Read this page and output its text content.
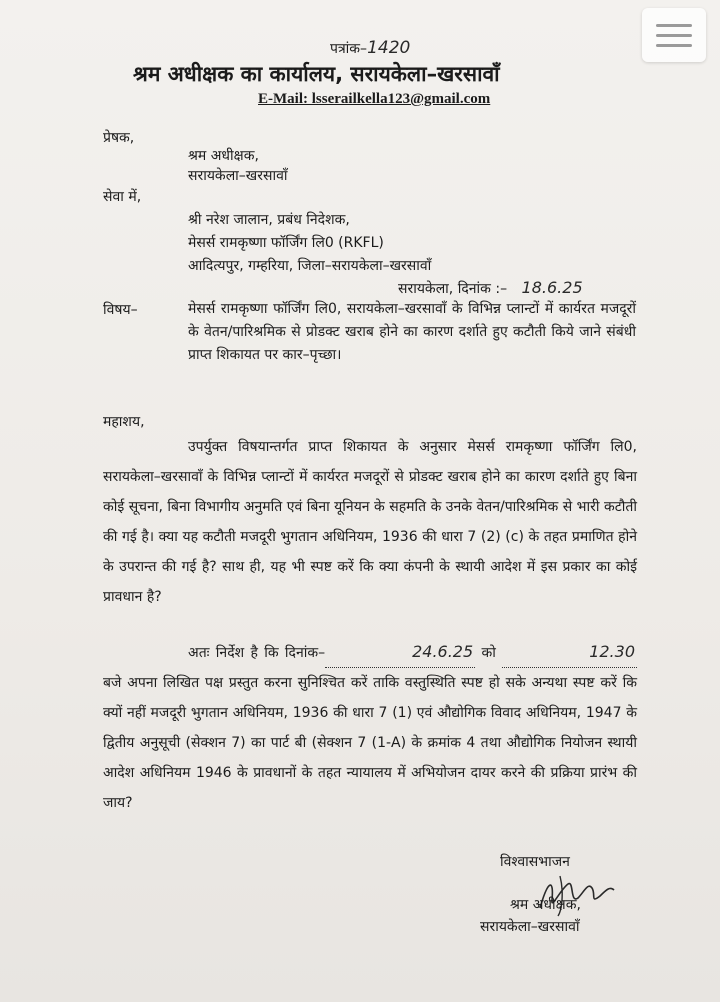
पत्रांक–1420
श्रम अधीक्षक का कार्यालय, सरायकेला–खरसावाँ
E-Mail: lsserailkella123@gmail.com
प्रेषक,
श्रम अधीक्षक,
सरायकेला–खरसावाँ
सेवा में,
श्री नरेश जालान, प्रबंध निदेशक,
मेसर्स रामकृष्णा फॉर्जिंग लि0 (RKFL)
आदित्यपुर, गम्हरिया, जिला–सरायकेला–खरसावाँ
सरायकेला, दिनांक :– 18.6.25
विषय–	मेसर्स रामकृष्णा फॉर्जिंग लि0, सरायकेला–खरसावाँ के विभिन्न प्लान्टों में कार्यरत मजदूरों के वेतन/पारिश्रमिक से प्रोडक्ट खराब होने का कारण दर्शाते हुए कटौती किये जाने संबंधी प्राप्त शिकायत पर कार–पृच्छा।
महाशय,
उपर्युक्त विषयान्तर्गत प्राप्त शिकायत के अनुसार मेसर्स रामकृष्णा फॉर्जिंग लि0, सरायकेला–खरसावाँ के विभिन्न प्लान्टों में कार्यरत मजदूरों से प्रोडक्ट खराब होने का कारण दर्शाते हुए बिना कोई सूचना, बिना विभागीय अनुमति एवं बिना यूनियन के सहमति के उनके वेतन/पारिश्रमिक से भारी कटौती की गई है। क्या यह कटौती मजदूरी भुगतान अधिनियम, 1936 की धारा 7 (2) (c) के तहत प्रमाणित होने के उपरान्त की गई है? साथ ही, यह भी स्पष्ट करें कि क्या कंपनी के स्थायी आदेश में इस प्रकार का कोई प्रावधान है?
अतः निर्देश है कि दिनांक–	24.6.25 को	12.30 बजे अपना लिखित पक्ष प्रस्तुत करना सुनिश्चित करें ताकि वस्तुस्थिति स्पष्ट हो सके अन्यथा स्पष्ट करें कि क्यों नहीं मजदूरी भुगतान अधिनियम, 1936 की धारा 7 (1) एवं औद्योगिक विवाद अधिनियम, 1947 के द्वितीय अनुसूची (सेक्शन 7) का पार्ट बी (सेक्शन 7 (1-A) के क्रमांक 4 तथा औद्योगिक नियोजन स्थायी आदेश अधिनियम 1946 के प्रावधानों के तहत न्यायालय में अभियोजन दायर करने की प्रक्रिया प्रारंभ की जाय?
विश्वासभाजन
श्रम अधीक्षक,
सरायकेला–खरसावाँ
